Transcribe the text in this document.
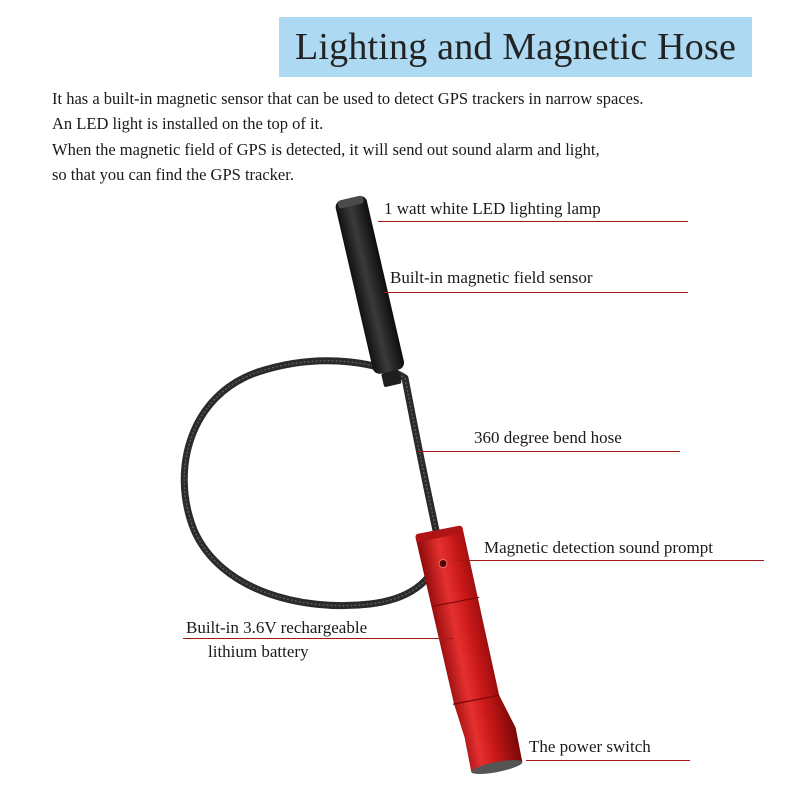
Lighting and Magnetic Hose
It has a built-in magnetic sensor that can be used to detect GPS trackers in narrow spaces.
An LED light is installed on the top of it.
When the magnetic field of GPS is detected, it will send out sound alarm and light,
so that you can find the GPS tracker.
1 watt white LED lighting lamp
Built-in magnetic field sensor
360 degree bend hose
Magnetic detection sound prompt
Built-in 3.6V rechargeable
lithium battery
The power switch
